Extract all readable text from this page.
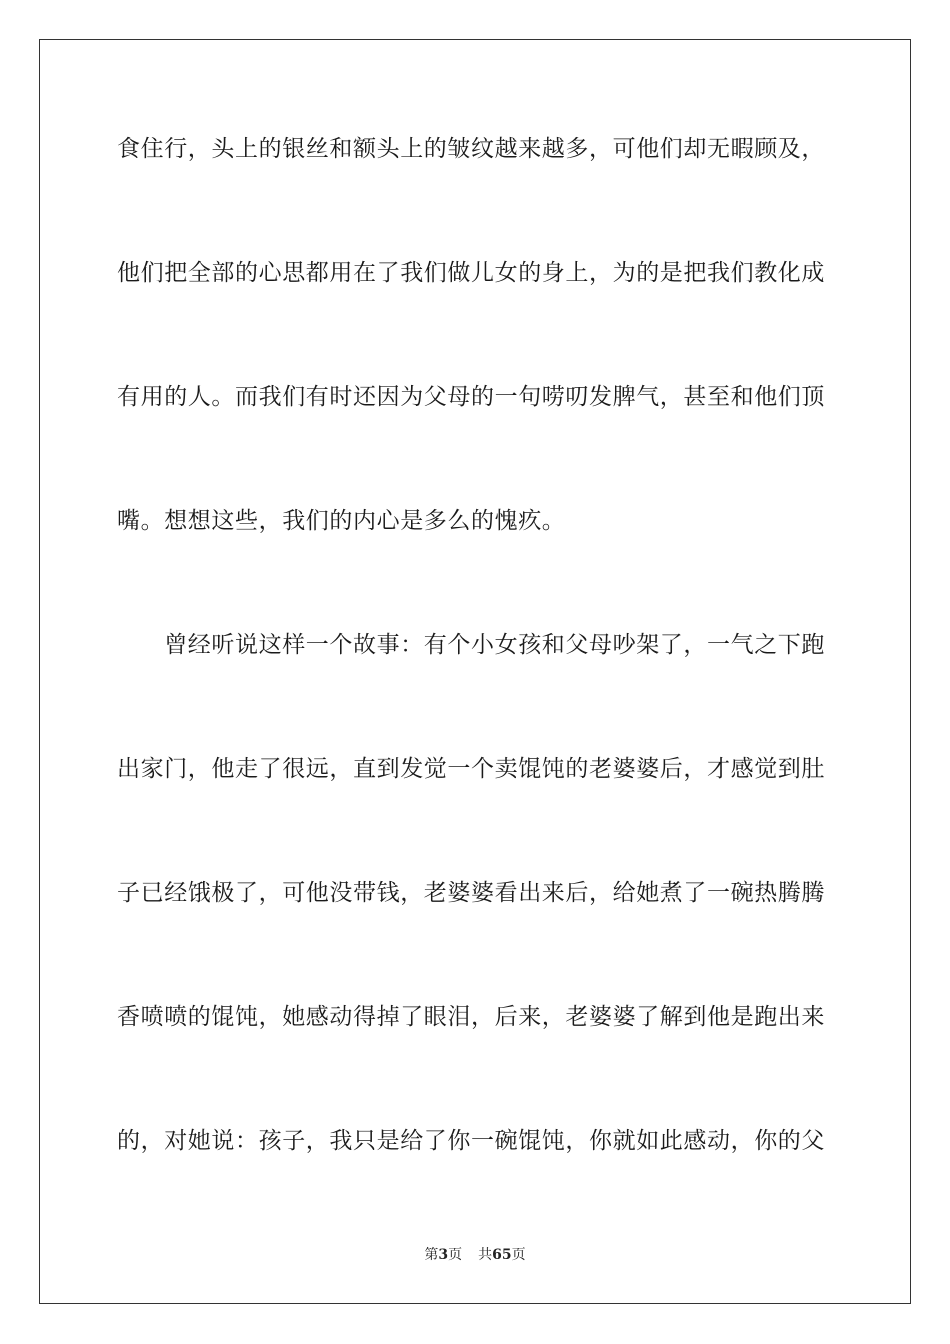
食住行，头上的银丝和额头上的皱纹越来越多，可他们却无暇顾及，
他们把全部的心思都用在了我们做儿女的身上，为的是把我们教化成
有用的人。而我们有时还因为父母的一句唠叨发脾气，甚至和他们顶
嘴。想想这些，我们的内心是多么的愧疚。
　　曾经听说这样一个故事：有个小女孩和父母吵架了，一气之下跑
出家门，他走了很远，直到发觉一个卖馄饨的老婆婆后，才感觉到肚
子已经饿极了，可他没带钱，老婆婆看出来后，给她煮了一碗热腾腾
香喷喷的馄饨，她感动得掉了眼泪，后来，老婆婆了解到他是跑出来
的，对她说：孩子，我只是给了你一碗馄饨，你就如此感动，你的父
第3页 共65页
